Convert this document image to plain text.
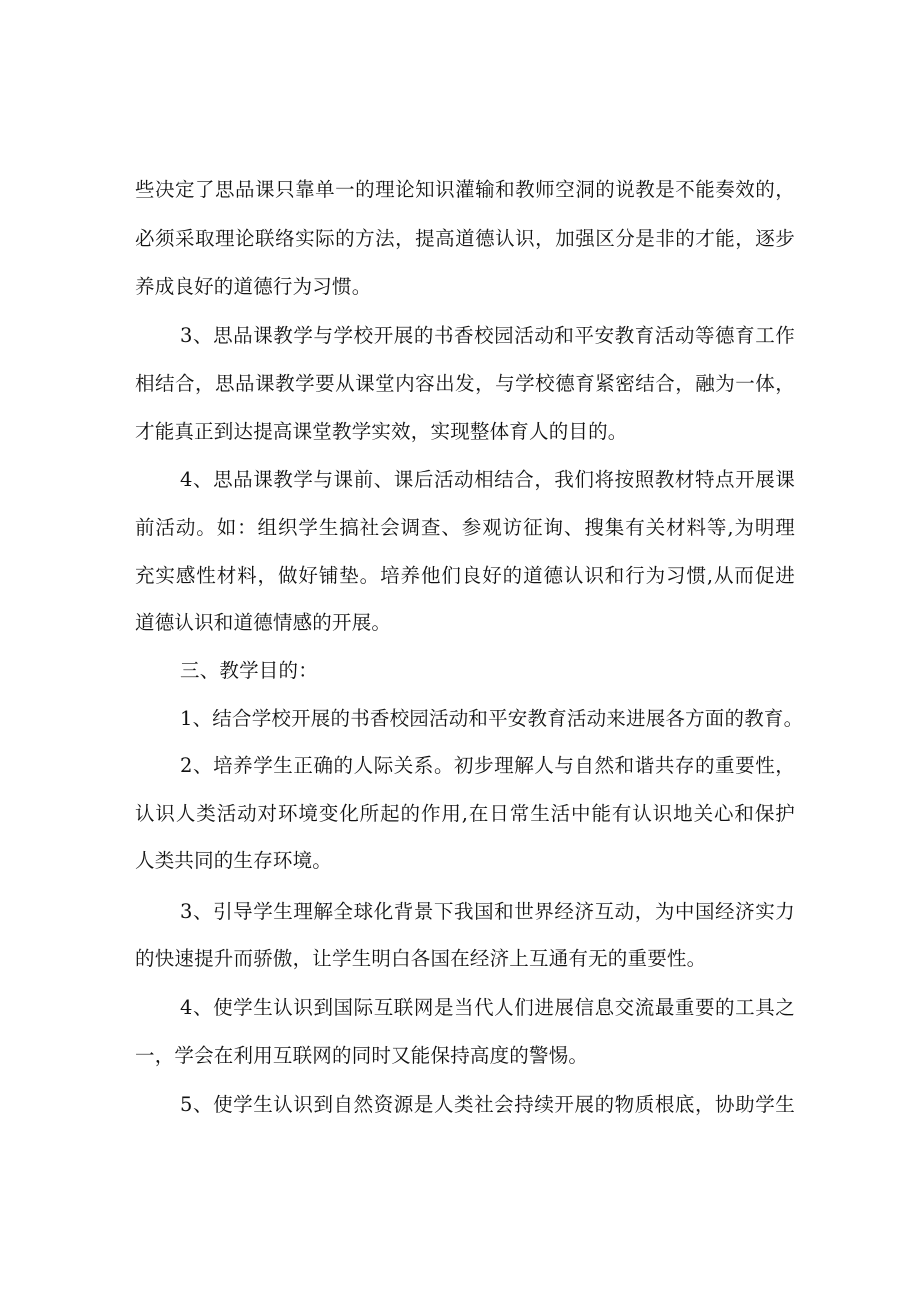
些决定了思品课只靠单一的理论知识灌输和教师空洞的说教是不能奏效的，
必须采取理论联络实际的方法，提高道德认识，加强区分是非的才能，逐步
养成良好的道德行为习惯。
3、思品课教学与学校开展的书香校园活动和平安教育活动等德育工作
相结合，思品课教学要从课堂内容出发，与学校德育紧密结合，融为一体，
才能真正到达提高课堂教学实效，实现整体育人的目的。
4、思品课教学与课前、课后活动相结合，我们将按照教材特点开展课
前活动。如：组织学生搞社会调查、参观访征询、搜集有关材料等,为明理
充实感性材料，做好铺垫。培养他们良好的道德认识和行为习惯,从而促进
道德认识和道德情感的开展。
三、教学目的：
1、结合学校开展的书香校园活动和平安教育活动来进展各方面的教育。
2、培养学生正确的人际关系。初步理解人与自然和谐共存的重要性，
认识人类活动对环境变化所起的作用,在日常生活中能有认识地关心和保护
人类共同的生存环境。
3、引导学生理解全球化背景下我国和世界经济互动，为中国经济实力
的快速提升而骄傲，让学生明白各国在经济上互通有无的重要性。
4、使学生认识到国际互联网是当代人们进展信息交流最重要的工具之
一，学会在利用互联网的同时又能保持高度的警惕。
5、使学生认识到自然资源是人类社会持续开展的物质根底，协助学生
